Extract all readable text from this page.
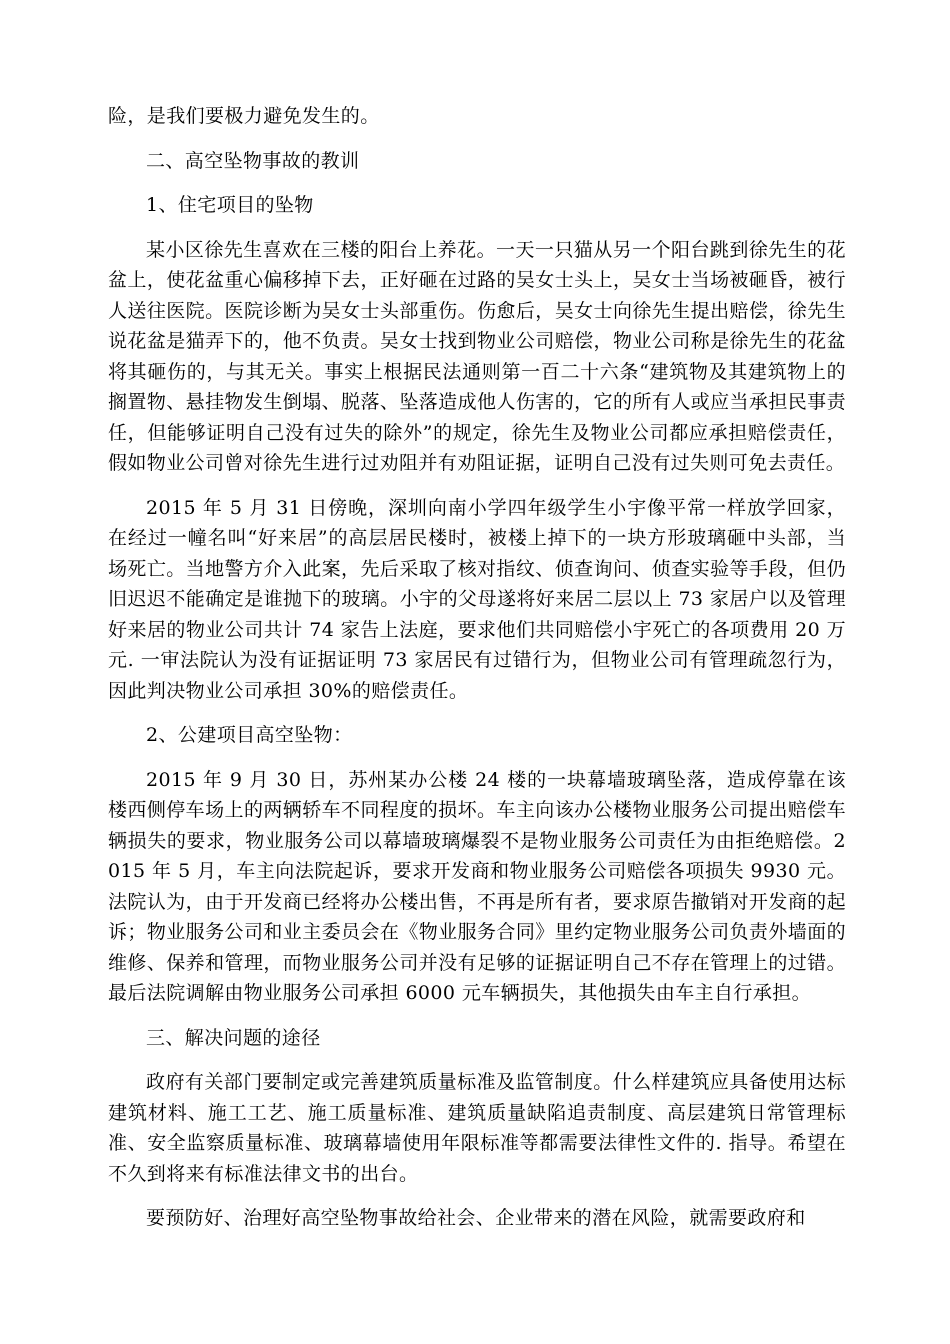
险，是我们要极力避免发生的。

二、高空坠物事故的教训

1、住宅项目的坠物

某小区徐先生喜欢在三楼的阳台上养花。一天一只猫从另一个阳台跳到徐先生的花盆上，使花盆重心偏移掉下去，正好砸在过路的吴女士头上，吴女士当场被砸昏，被行人送往医院。医院诊断为吴女士头部重伤。伤愈后，吴女士向徐先生提出赔偿，徐先生说花盆是猫弄下的，他不负责。吴女士找到物业公司赔偿，物业公司称是徐先生的花盆将其砸伤的，与其无关。事实上根据民法通则第一百二十六条“建筑物及其建筑物上的搁置物、悬挂物发生倒塌、脱落、坠落造成他人伤害的，它的所有人或应当承担民事责任，但能够证明自己没有过失的除外”的规定，徐先生及物业公司都应承担赔偿责任，假如物业公司曾对徐先生进行过劝阻并有劝阻证据，证明自己没有过失则可免去责任。

2015 年 5 月 31 日傍晚，深圳向南小学四年级学生小宇像平常一样放学回家，在经过一幢名叫“好来居”的高层居民楼时，被楼上掉下的一块方形玻璃砸中头部，当场死亡。当地警方介入此案，先后采取了核对指纹、侦查询问、侦查实验等手段，但仍旧迟迟不能确定是谁抛下的玻璃。小宇的父母遂将好来居二层以上 73 家居户以及管理好来居的物业公司共计 74 家告上法庭，要求他们共同赔偿小宇死亡的各项费用 20 万元. 一审法院认为没有证据证明 73 家居民有过错行为，但物业公司有管理疏忽行为，因此判决物业公司承担 30%的赔偿责任。

2、公建项目高空坠物：

2015 年 9 月 30 日，苏州某办公楼 24 楼的一块幕墙玻璃坠落，造成停靠在该楼西侧停车场上的两辆轿车不同程度的损坏。车主向该办公楼物业服务公司提出赔偿车辆损失的要求，物业服务公司以幕墙玻璃爆裂不是物业服务公司责任为由拒绝赔偿。2015 年 5 月，车主向法院起诉，要求开发商和物业服务公司赔偿各项损失 9930 元。法院认为，由于开发商已经将办公楼出售，不再是所有者，要求原告撤销对开发商的起诉；物业服务公司和业主委员会在《物业服务合同》里约定物业服务公司负责外墙面的维修、保养和管理，而物业服务公司并没有足够的证据证明自己不存在管理上的过错。最后法院调解由物业服务公司承担 6000 元车辆损失，其他损失由车主自行承担。

三、解决问题的途径

政府有关部门要制定或完善建筑质量标准及监管制度。什么样建筑应具备使用达标建筑材料、施工工艺、施工质量标准、建筑质量缺陷追责制度、高层建筑日常管理标准、安全监察质量标准、玻璃幕墙使用年限标准等都需要法律性文件的. 指导。希望在不久到将来有标准法律文书的出台。

要预防好、治理好高空坠物事故给社会、企业带来的潜在风险，就需要政府和
